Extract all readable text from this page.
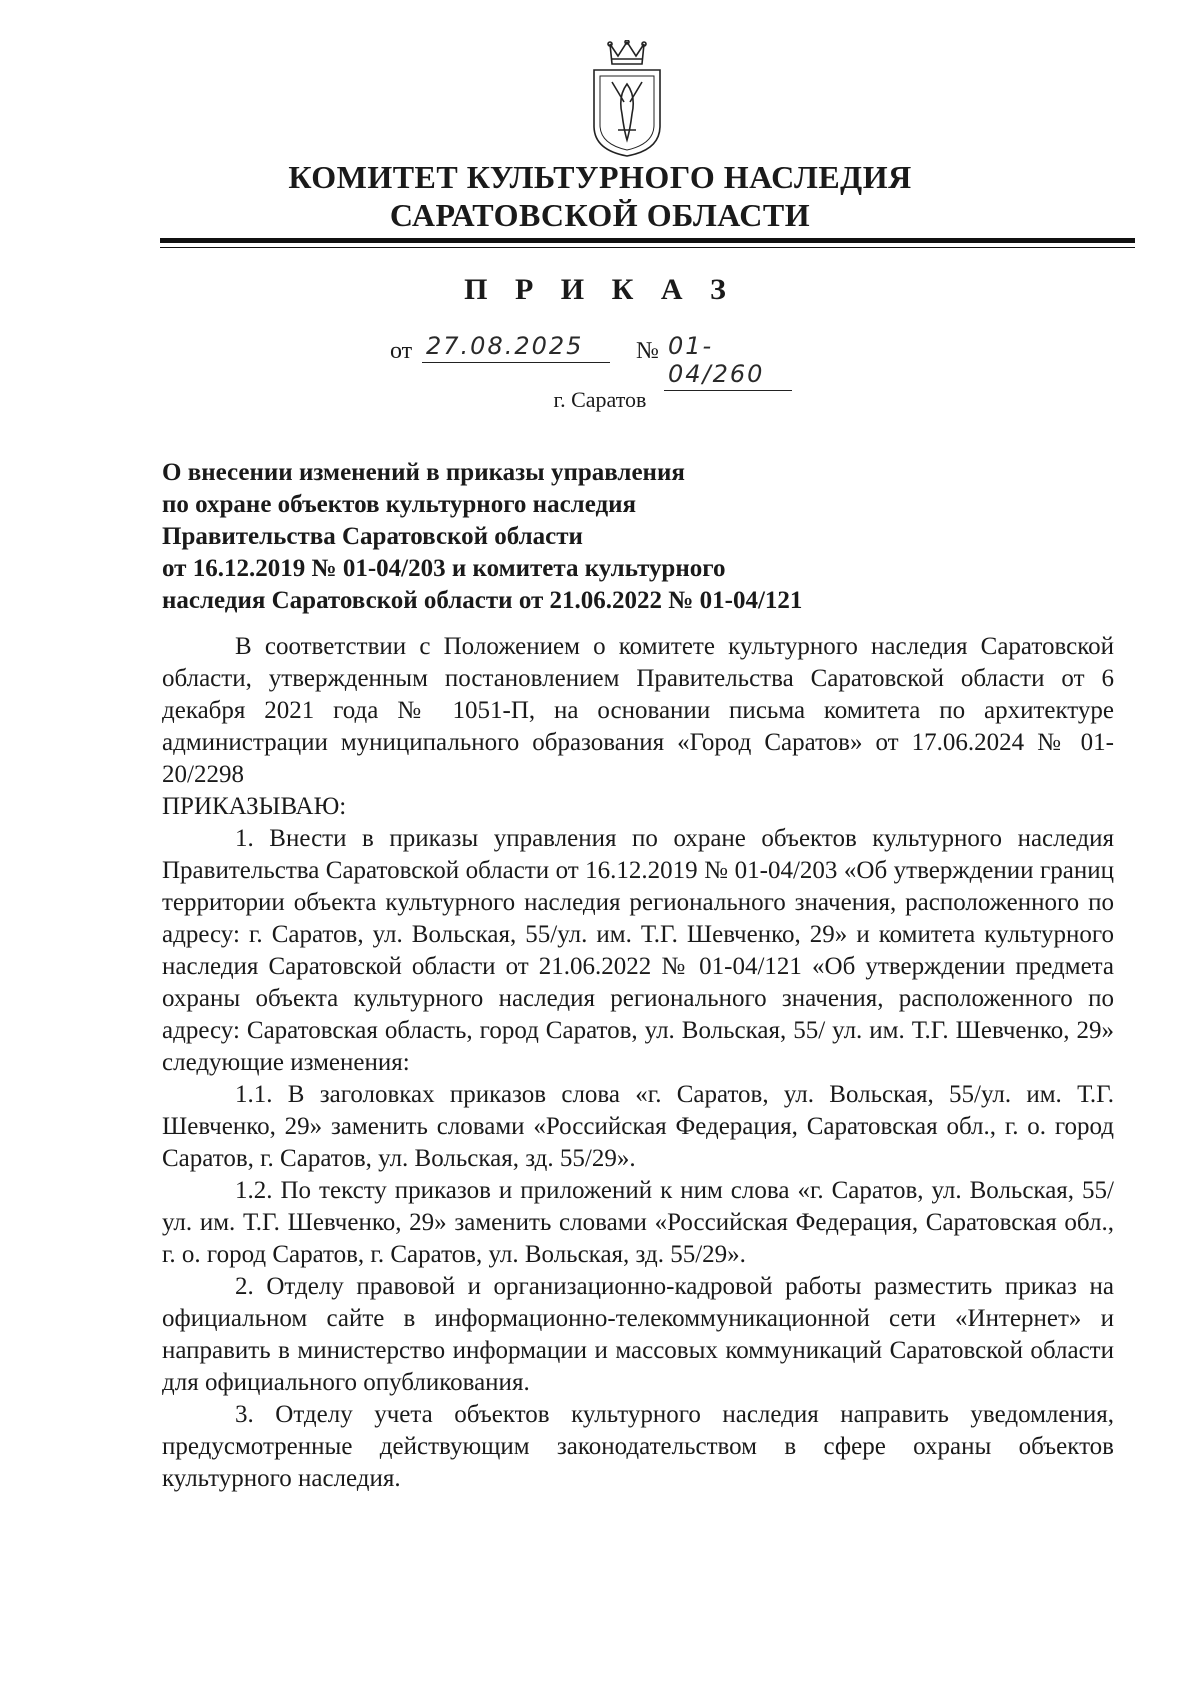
КОМИТЕТ КУЛЬТУРНОГО НАСЛЕДИЯ
САРАТОВСКОЙ ОБЛАСТИ
П Р И К А З
от 27.08.2025	№ 01-04/260
г. Саратов
О внесении изменений в приказы управления
по охране объектов культурного наследия
Правительства Саратовской области
от 16.12.2019 № 01-04/203 и комитета культурного
наследия Саратовской области от 21.06.2022 № 01-04/121

В соответствии с Положением о комитете культурного наследия Саратовской области, утвержденным постановлением Правительства Саратовской области от 6 декабря 2021 года № 1051-П, на основании письма комитета по архитектуре администрации муниципального образования «Город Саратов» от 17.06.2024 № 01-20/2298

ПРИКАЗЫВАЮ:

1. Внести в приказы управления по охране объектов культурного наследия Правительства Саратовской области от 16.12.2019 № 01-04/203 «Об утверждении границ территории объекта культурного наследия регионального значения, расположенного по адресу: г. Саратов, ул. Вольская, 55/ул. им. Т.Г. Шевченко, 29» и комитета культурного наследия Саратовской области от 21.06.2022 № 01-04/121 «Об утверждении предмета охраны объекта культурного наследия регионального значения, расположенного по адресу: Саратовская область, город Саратов, ул. Вольская, 55/ ул. им. Т.Г. Шевченко, 29» следующие изменения:

1.1. В заголовках приказов слова «г. Саратов, ул. Вольская, 55/ул. им. Т.Г. Шевченко, 29» заменить словами «Российская Федерация, Саратовская обл., г. о. город Саратов, г. Саратов, ул. Вольская, зд. 55/29».

1.2. По тексту приказов и приложений к ним слова «г. Саратов, ул. Вольская, 55/ул. им. Т.Г. Шевченко, 29» заменить словами «Российская Федерация, Саратовская обл., г. о. город Саратов, г. Саратов, ул. Вольская, зд. 55/29».

2. Отделу правовой и организационно-кадровой работы разместить приказ на официальном сайте в информационно-телекоммуникационной сети «Интернет» и направить в министерство информации и массовых коммуникаций Саратовской области для официального опубликования.

3. Отделу учета объектов культурного наследия направить уведомления, предусмотренные действующим законодательством в сфере охраны объектов культурного наследия.
